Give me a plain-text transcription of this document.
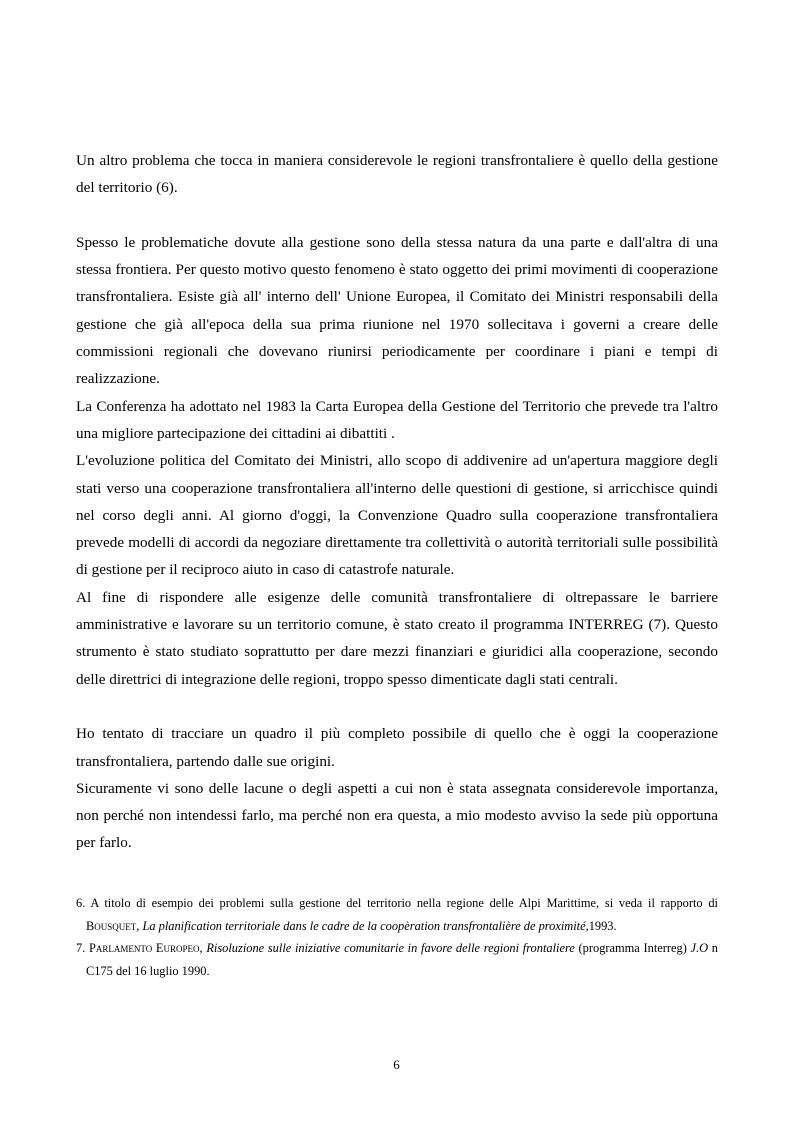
Un altro problema che tocca in maniera considerevole le regioni transfrontaliere è quello della gestione del territorio (6).

Spesso le problematiche dovute alla gestione sono della stessa natura da una parte e dall'altra di una stessa frontiera. Per questo motivo questo fenomeno è stato oggetto dei primi movimenti di cooperazione transfrontaliera. Esiste già all' interno dell' Unione Europea, il Comitato dei Ministri responsabili della gestione che già all'epoca della sua prima riunione nel 1970 sollecitava i governi a creare delle commissioni regionali che dovevano riunirsi periodicamente per coordinare i piani e tempi di realizzazione.

La Conferenza ha adottato nel 1983 la Carta Europea della Gestione del Territorio che prevede tra l'altro una migliore partecipazione dei cittadini ai dibattiti .

L'evoluzione politica del Comitato dei Ministri, allo scopo di addivenire ad un'apertura maggiore degli stati verso una cooperazione transfrontaliera all'interno delle questioni di gestione, si arricchisce quindi nel corso degli anni. Al giorno d'oggi, la Convenzione Quadro sulla cooperazione transfrontaliera prevede modelli di accordi da negoziare direttamente tra collettività o autorità territoriali sulle possibilità di gestione per il reciproco aiuto in caso di catastrofe naturale.

Al fine di rispondere alle esigenze delle comunità transfrontaliere di oltrepassare le barriere amministrative e lavorare su un territorio comune, è stato creato il programma INTERREG (7). Questo strumento è stato studiato soprattutto per dare mezzi finanziari e giuridici alla cooperazione, secondo delle direttrici di integrazione delle regioni, troppo spesso dimenticate dagli stati centrali.

Ho tentato di tracciare un quadro il più completo possibile di quello che è oggi la cooperazione transfrontaliera, partendo dalle sue origini.

Sicuramente vi sono delle lacune o degli aspetti a cui non è stata assegnata considerevole importanza, non perché non intendessi farlo, ma perché non era questa, a mio modesto avviso la sede più opportuna per farlo.

6. A titolo di esempio dei problemi sulla gestione del territorio nella regione delle Alpi Marittime, si veda il rapporto di Bousquet, La planification territoriale dans le cadre de la coopèration transfrontalière de proximité,1993.

7. Parlamento Europeo, Risoluzione sulle iniziative comunitarie in favore delle regioni frontaliere (programma Interreg) J.O n C175 del 16 luglio 1990.

6
